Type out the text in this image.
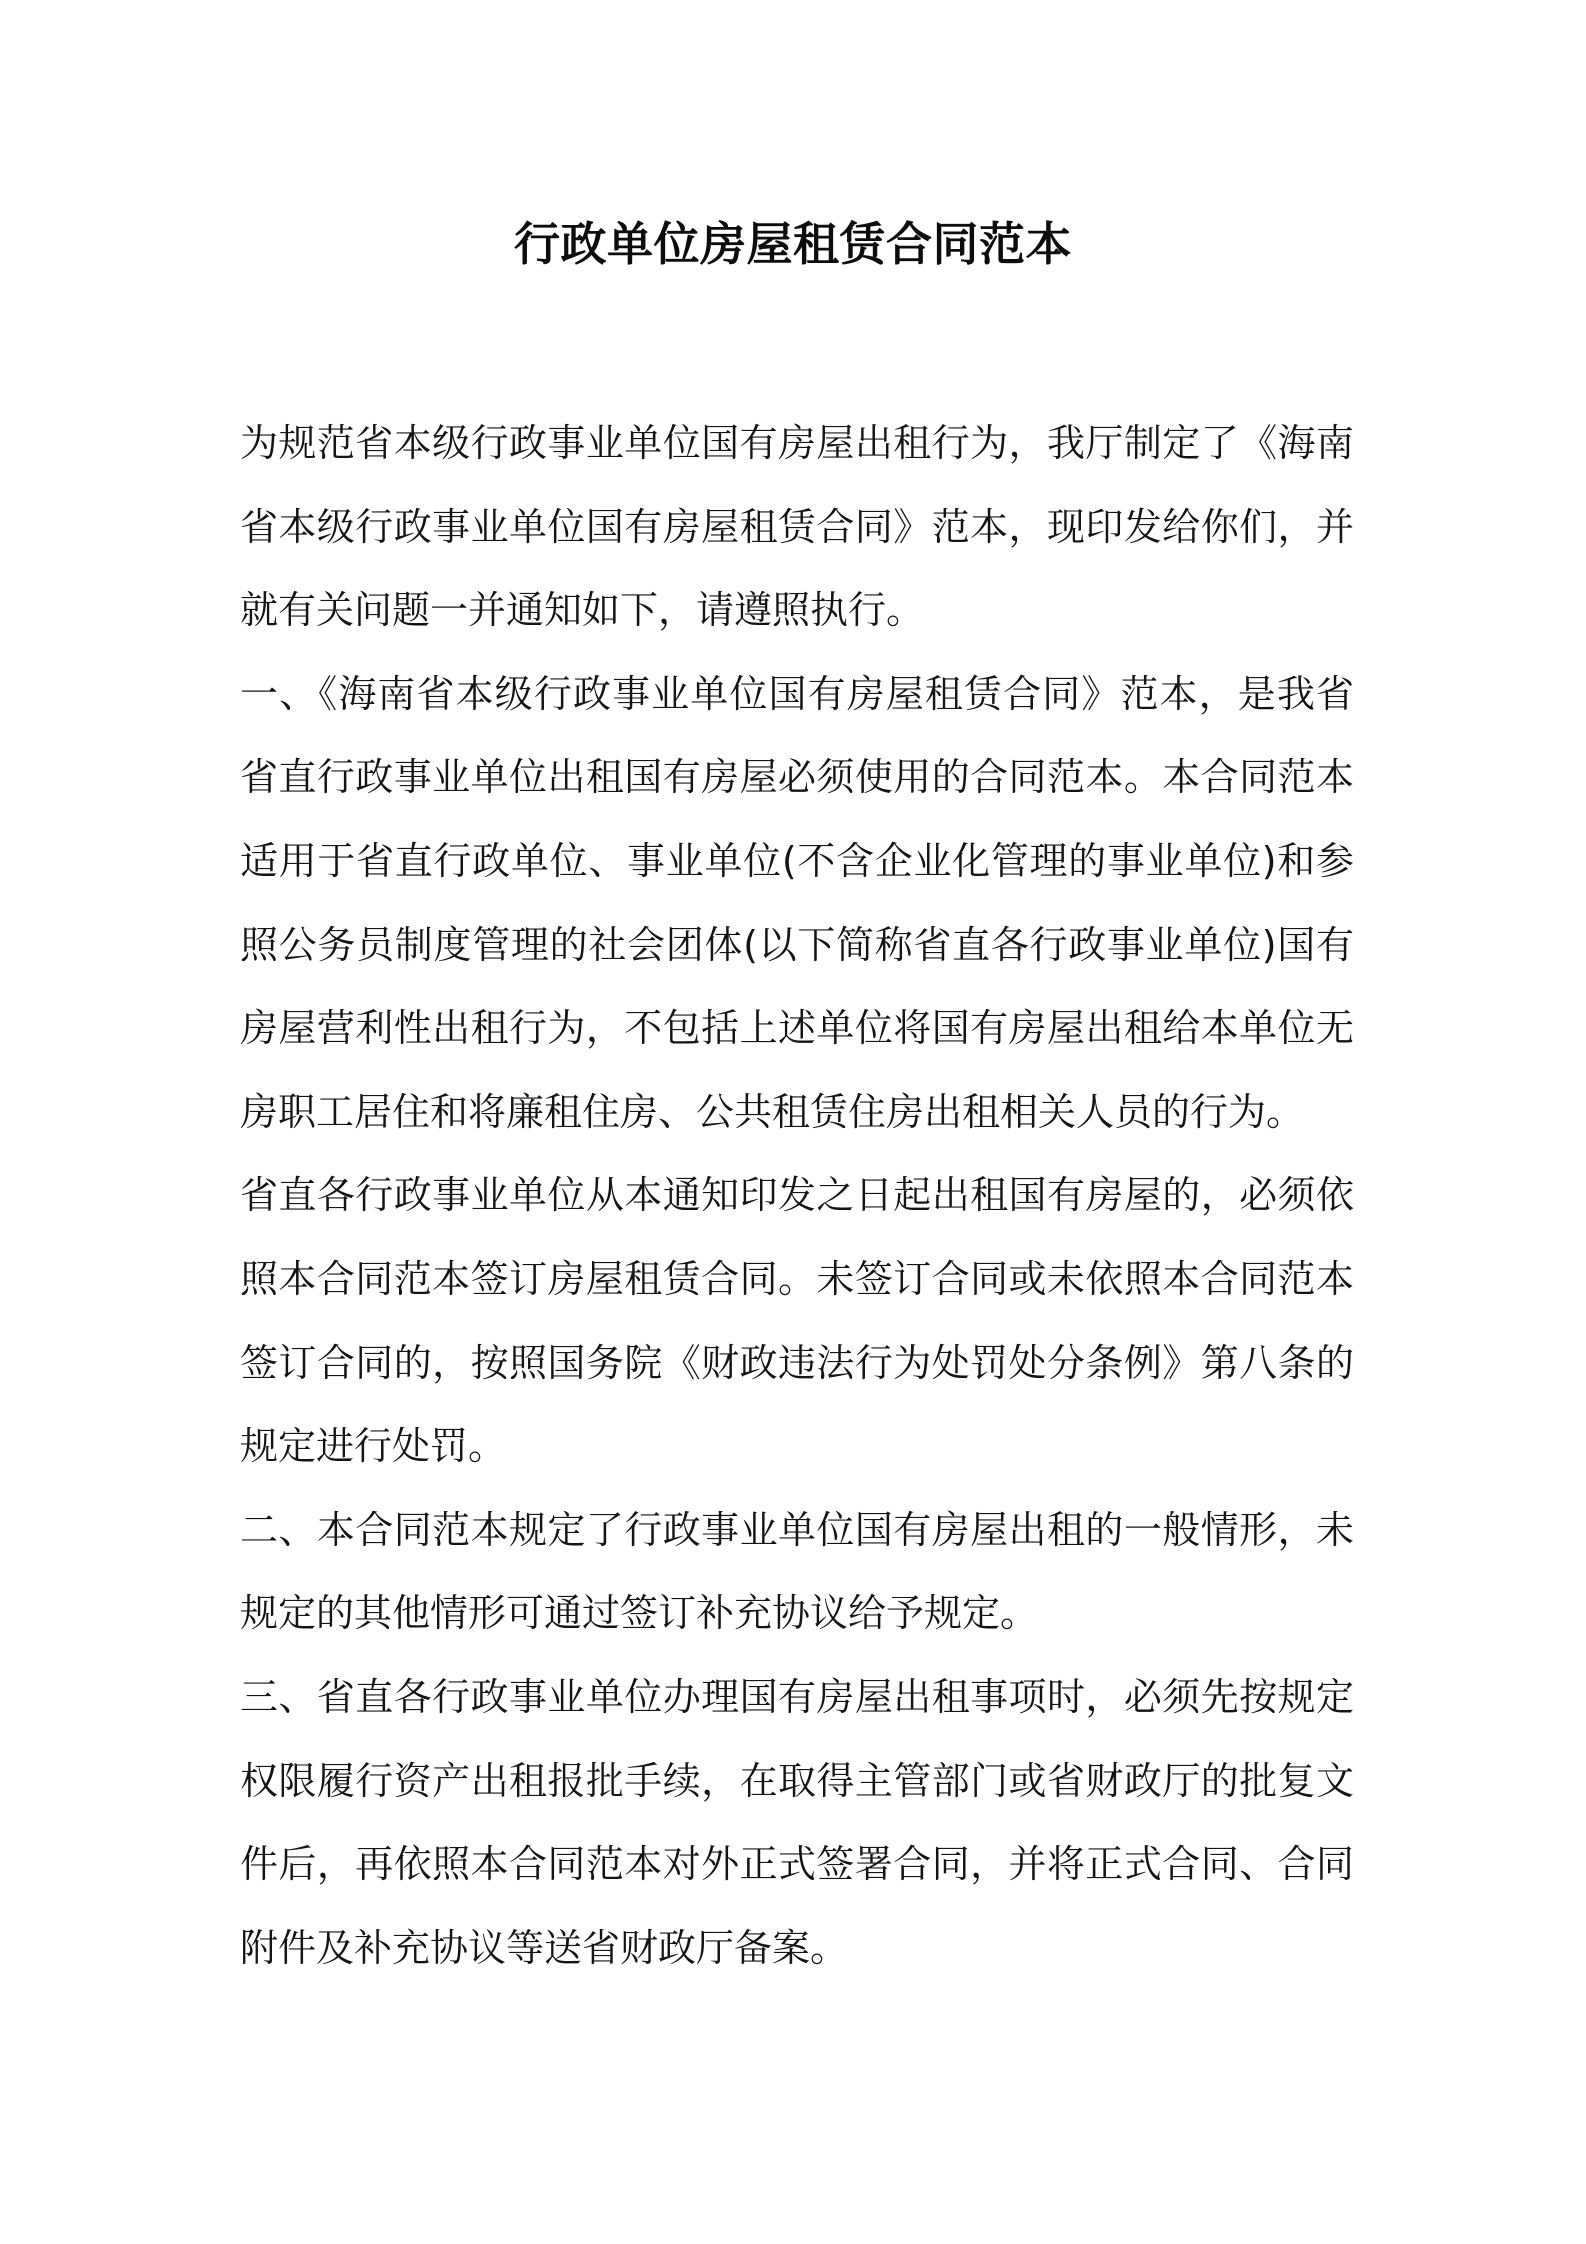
行政单位房屋租赁合同范本

为规范省本级行政事业单位国有房屋出租行为，我厅制定了《海南省本级行政事业单位国有房屋租赁合同》范本，现印发给你们，并就有关问题一并通知如下，请遵照执行。

一、《海南省本级行政事业单位国有房屋租赁合同》范本，是我省省直行政事业单位出租国有房屋必须使用的合同范本。本合同范本适用于省直行政单位、事业单位(不含企业化管理的事业单位)和参照公务员制度管理的社会团体(以下简称省直各行政事业单位)国有房屋营利性出租行为，不包括上述单位将国有房屋出租给本单位无房职工居住和将廉租住房、公共租赁住房出租相关人员的行为。

省直各行政事业单位从本通知印发之日起出租国有房屋的，必须依照本合同范本签订房屋租赁合同。未签订合同或未依照本合同范本签订合同的，按照国务院《财政违法行为处罚处分条例》第八条的规定进行处罚。

二、本合同范本规定了行政事业单位国有房屋出租的一般情形，未规定的其他情形可通过签订补充协议给予规定。

三、省直各行政事业单位办理国有房屋出租事项时，必须先按规定权限履行资产出租报批手续，在取得主管部门或省财政厅的批复文件后，再依照本合同范本对外正式签署合同，并将正式合同、合同附件及补充协议等送省财政厅备案。
